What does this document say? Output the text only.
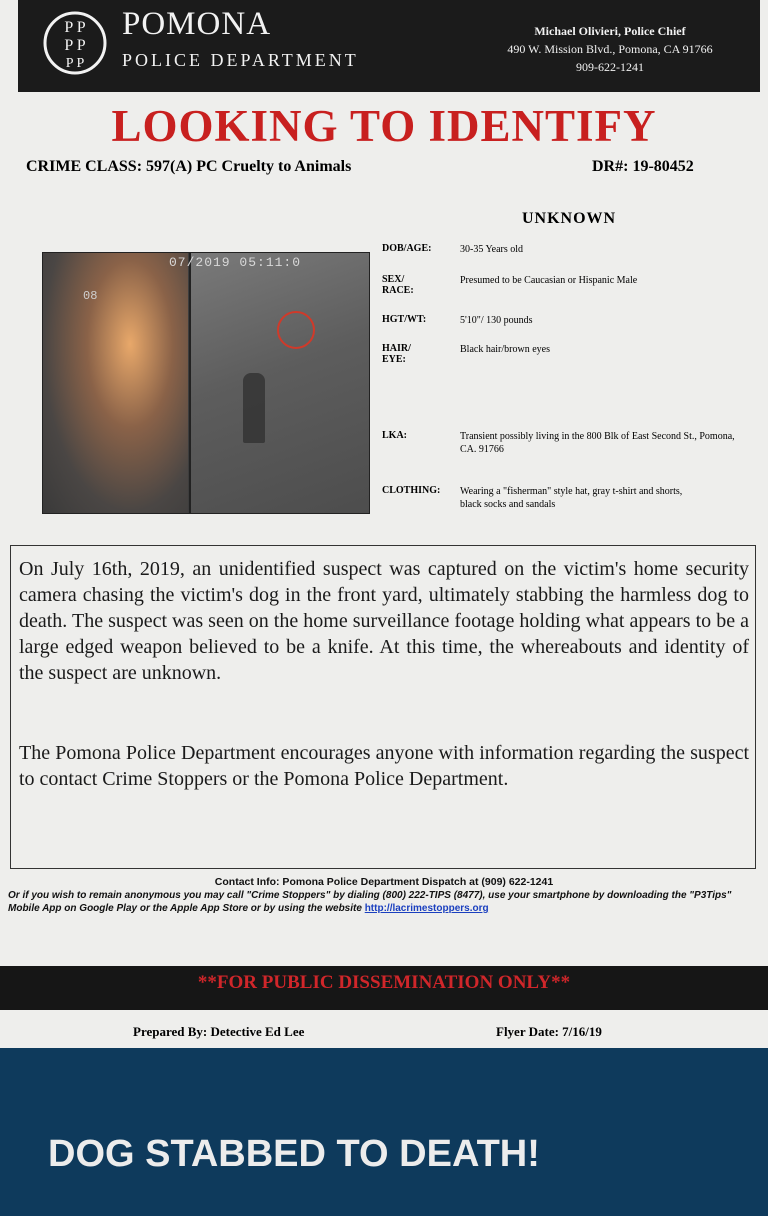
P P
P P
P P
POMONA
POLICE DEPARTMENT
Michael Olivieri, Police Chief
490 W. Mission Blvd., Pomona, CA 91766
909-622-1241
LOOKING TO IDENTIFY
CRIME CLASS: 597(A) PC Cruelty to Animals	DR#: 19-80452
07/2019 05:11:0
08
UNKNOWN
DOB/AGE:	30-35 Years old
SEX/ RACE:
Presumed to be Caucasian or Hispanic Male
HGT/WT:	5'10"/ 130 pounds
HAIR/ EYE:
Black hair/brown eyes
LKA:	Transient possibly living in the 800 Blk of East Second St., Pomona, CA. 91766
CLOTHING:	Wearing a "fisherman" style hat, gray t-shirt and shorts, black socks and sandals
On July 16th, 2019, an unidentified suspect was captured on the victim's home security camera chasing the victim's dog in the front yard, ultimately stabbing the harmless dog to death. The suspect was seen on the home surveillance footage holding what appears to be a large edged weapon believed to be a knife. At this time, the whereabouts and identity of the suspect are unknown.
The Pomona Police Department encourages anyone with information regarding the suspect to contact Crime Stoppers or the Pomona Police Department.
Contact Info: Pomona Police Department Dispatch at (909) 622-1241
Or if you wish to remain anonymous you may call "Crime Stoppers" by dialing (800) 222-TIPS (8477), use your smartphone by downloading the "P3Tips" Mobile App on Google Play or the Apple App Store or by using the website http://lacrimestoppers.org
**FOR PUBLIC DISSEMINATION ONLY**
Prepared By: Detective Ed Lee	Flyer Date: 7/16/19
DOG STABBED TO DEATH!
